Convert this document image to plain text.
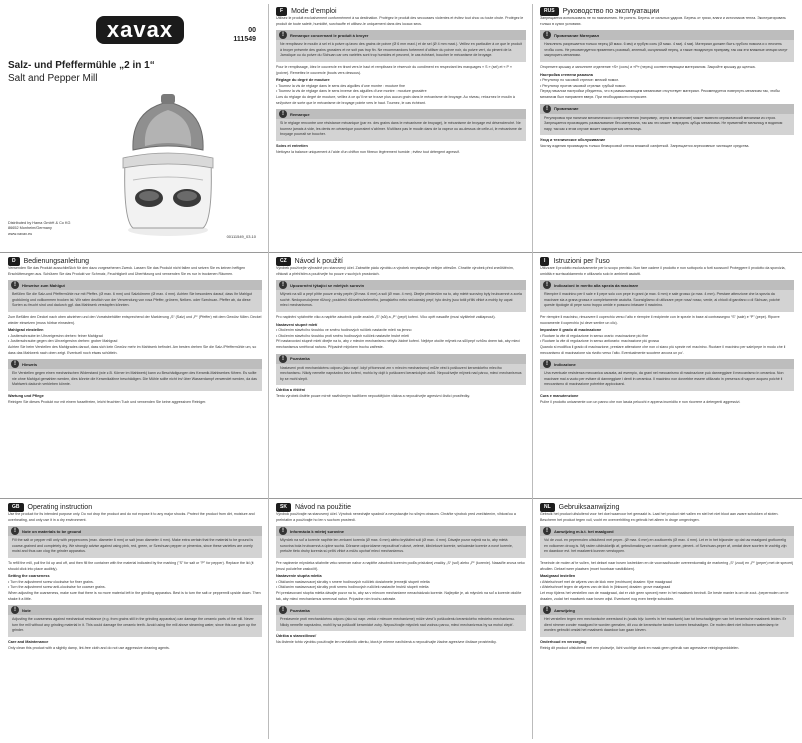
xavax	00
111549
Salz- und Pfeffermühle „2 in 1“
Salt and Pepper Mill
Distributed by Hama GmbH & Co KG
86652 Monheim/Germany
www.xavax.eu
00111549_03.10
F	Mode d’emploi

Utilisez le produit exclusivement conformément à sa destination. Protégez le produit des secousses violentes et évitez tout choc ou toute chute. Protégez le produit de toute saleté, humidité, surchauffe et utilisez-le uniquement dans des locaux secs.

!	Remarque concernant le produit à broyer

Ne remplissez le moulin à sel et à poivre qu’avec des grains de poivre (Ø 6 mm maxi.) et de sel (Ø 4 mm maxi.). Veillez en particulier à ce que le produit à broyer présente des grains grossiers et ne soit pas trop fin. Ne recommandons fortement d’utiliser du poivre noir, du poivre vert, du piment de la Jamaïque ou du poivre du Sichuan car ces variétés sont trop humides et peuvent, le cas échéant, boucher le mécanisme de broyage.

Pour le remplissage, ôtez le couvercle en tirant vers le haut et remplissez le réservoir du condiment en respectant les marquages « S » (sel) et « P » (poivre). Remettez le couvercle (bouts vers dessous).

Réglage du degré de mouture

• Tournez la vis de réglage dans le sens des aiguilles d’une montre : mouture fine
• Tournez la vis de réglage dans le sens inverse des aiguilles d’une montre : mouture grossière
Lors du réglage du degré de mouture, veillez à ce qu’il ne se trouve plus aucun grain dans le mécanisme de broyage. Au niveau, retournez le moulin à sel/poivre de sorte que le mécanisme de broyage pointe vers le haut. Tournez, le cas échéant.

!	Remarque

Si le réglage rencontre une résistance mécanique (par ex. des grains dans le mécanisme de broyage), le mécanisme de broyage est désenclenché. Ne tournez jamais à vide, les dents en céramique pourraient s’abîmer. N’utilisez pas le moulin dans de la vapeur ou au-dessus de celle-ci, le mécanisme de broyage pourrait se boucher.

Soins et entretien

Nettoyez la balance uniquement à l’aide d’un chiffon non fibreux légèrement humide ; évitez tout détergent agressif.

RUS	Руководство по эксплуатации

Запрещается использовать не по назначению. Не ронять. Беречь от сильных ударов. Беречь от грязи, влаги и источников тепла. Эксплуатировать только в сухих условиях.

!	Примечание Материал

Наполнять разрешается только перец (Ø макс. 6 мм) и грубую соль (Ø макс. 4 мм). 4 мм). Материал должен быть грубого помола и с неочень чтобы соль. Не рекомендуется применять розовый, зеленый, сычуанский перец, а также гвоздичную приправу, так как эти влажные специи могут закупорить механизм.

Открепите крышку и заполните отделение «S» (соль) и «Р» (перец) соответствующим материалом. Закройте крышку до щелчка.

Настройка степени размола

• Регулятор по часовой стрелке: мелкий помол.
• Регулятор против часовой стрелки: грубый помол.
Перед началом настройки убедитесь, что в размалывающем механизме отсутствует материал. Рекомендуется повернуть механизм так, чтобы механизм был направлен вверх. При необходимости потрясите.

!	Примечание

Регулировка при наличии механического сопротивления (например, зерна в механизме) может вывести керамический механизм из строя. Запрещается производить размалывание без материала, так как это может повредить зубцы механизма. Не применяйте мельницу в водяном пару, так как к этом случае может закупориться мельница.

Уход и техническое обслуживание

Чистку изделия производить только безворсовой слегка влажной салфеткой. Запрещается агрессивные чистящие средства.

D	Bedienungsanleitung

Verwenden Sie das Produkt ausschließlich für den dazu vorgesehenen Zweck. Lassen Sie das Produkt nicht fallen und setzen Sie es keinen heftigen Erschütterungen aus. Schützen Sie das Produkt vor Schmutz, Feuchtigkeit und Überhitzung und verwenden Sie es nur in trockenen Räumen.

!	Hinweise zum Mahlgut

Befüllen Sie die Salz-und Pfeffermühle nur mit Pfeffer- (Ø max. 6 mm) und Salzkörnern (Ø max. 4 mm). Achten Sie besonders darauf, dass Ihr Mahlgut grobkörnig und vollkommen trocken ist. Wir raten deutlich von der Verwendung von rosa Pfeffer, grünem, Nelken- oder Szechuan- Pfeffer ab, da diese Sorten zu feucht sind und dadurch ggf. das Mahlwerk verstopfen könnten.

Zum Befüllen den Deckel nach oben abziehen und den Vorratsbehälter entsprechend der Markierung „S“ (Salz) und „P“ (Pfeffer) mit dem Gewürz füllen. Deckel wieder einsetzen (muss hörbar einrasten).

Mahlgrad einstellen

• Justierschraube im Uhrzeigersinn drehen: feiner Mahlgrad
• Justierschraube gegen den Uhrzeigersinn drehen: grober Mahlgrad
Achten Sie beim Verstellen des Mahlgrades darauf, dass sich kein Gewürz mehr im Mahlwerk befindet. Am besten drehen Sie die Salz-/Pfeffermühle um, so dass das Mahlwerk nach oben zeigt. Eventuell noch etwas schütteln.

!	Hinweis

Ein Verstellen gegen einen mechanischen Widerstand (wie z.B. Körner im Mahlwerk) kann zu Beschädigungen des Keramik-Mahlwerkes führen. Es sollte nie ohne Mahlgut gemahlen werden, dies könnte die Keramikzähne beschädigen. Die Mühle sollte nicht im/ über Wasserdampf verwendet werden, da das Mahlwerk dadurch verkleben könnte.

Wartung und Pflege

Reinigen Sie dieses Produkt nur mit einem fusselfreien, leicht feuchten Tuch und verwenden Sie keine aggressiven Reiniger.

CZ	Návod k použití

Výrobek používejte výhradně pro stanovený účel. Zabraňte pádu výrobku a výrobek nevystavujte velkým otřesům. Chraňte výrobek před znečištěním, vlhkostí a přehřátím a používejte ho pouze v suchých prostorách.

!	Upozornění týkající se mletých surovin

Mlýnek na sůl a pepř plňte pouze zrnky pepře (Ø max. 6 mm) a soli (Ø max. 4 mm). Dbejte především na to, aby mleté suroviny byly hrubozrnné a zcela suché. Nedoporučujeme růžový, poukleslí růžového/zeleného, jamajského nebo sečuánský pepř, tyto druhy jsou totiž příliš vlhké a mohly by ucpat mlecí mechanismus.

Pro naplnění vytáhněte víko a naplňte zásobník podle značek „S“ (sůl) a „P“ (pepř) koření. Víko opět nasaďte (musí slyšitelně zaklapnout).

Nastavení stupně mletí

• Otočením stavěcího šroubku ve směru hodinových ručiček nastavíte mletí na jemno
• Otočením stavěcího šroubku proti směru hodinových ručiček nastavíte hrubé mletí
Při nastavování stupně mletí dbejte na to, aby v mlecím mechanismu nebylo žádné koření. Nejlépe otočte mlýnek na sůl/pepř vzhůru dnem tak, aby mlecí mechanismus směřoval nahoru. Případně mlýnkem trochu zatřeste.

!	Poznámka

Nastavení proti mechanickému odporu (jako např. kdyř přítomnost zrn v mlecím mechanismu) může vést k poškození keramického mlecího mechanismu. Nikdy nemelte naprázdno bez koření, mohlo by dojít k poškození keramických zubů. Nepoužívejte mlýnek nad párou, mlecí mechanismus by se mohl slepit.

Údržba a čištění

Tento výrobek čistěte pouze mírně navlhčeným hadříkem nepouštějícím vlákna a nepoužívejte agresivní čisticí prostředky.

I	Istruzioni per l’uso

Utilizzare il prodotto esclusivamente per lo scopo previsto. Non fare cadere il prodotto e non sottoporlo a forti scossoni! Proteggere il prodotto da sporcizia, umidità e surriscaldamento e utilizzarlo solo in ambienti asciutti.

!	Indicazioni in merito alla spezia da macinare

Riempire il macinino per il sale e il pepe solo con pepe in grani (ø max. 6 mm) e sale grosso (ø max. 4 mm). Prestare attenzione che la spezia da macinare sia a grana grossa e completamente asciutta. Sconsigliamo di utilizzare pepe rosa/ rosso, verde, ai chiodi di garofano o di Sichuan, poiché queste tipologie di pepe sono troppo umide e possono intasare il macinino.

Per riempire il macinino, rimuovere il coperchio verso l’alto e riempire il recipiente con le spezie in base al contrassegno “S” (sale) e “P” (pepe). Riporre nuovamente il coperchio (si deve sentire un clic).

Impostare il grado di macinazione

• Ruotare la vite di regolazione in senso orario: macinazione più fine
• Ruotare la vite di regolazione in senso antiorario: macinazione più grossa
Quando si modifica il grado di macinazione, prestare attenzione che non ci siano più spezie nel macinino. Ruotare il macinino per sale/pepe in modo che il meccanismo di macinazione sia rivolto verso l’alto. Eventualmente scuotere ancora un po’.

!	Indicazione

Una eventuale resistenza meccanica causata, ad esempio, da grani nel meccanismo di macinazione può danneggiare il meccanismo in ceramica. Non macinare mai a vuoto per evitare di danneggiare i denti in ceramica. Il macinino non dovrebbe essere utilizzato in presenza di vapore acqueo poiché il meccanismo di macinazione potrebbe appiccicarsi.

Cura e manutenzione

Pulire il prodotto unicamente con un panno che non lascia pelucchi e appena inumidito e non ricorrere a detergenti aggressivi.

GB	Operating instruction

Use the product for its intended purpose only. Do not drop the product and do not expose it to any major shocks. Protect the product from dirt, moisture and overheating, and only use it in a dry environment.

!	Note on materials to be ground

Fill the salt or pepper mill only with peppercorns (max. diameter 6 mm) or salt (max diameter 4 mm). Make extra certain that the material to be ground is coarse-grained and completely dry. We strongly advise against using pink, red, green, or Szechuan pepper or pimentos, since these varieties are overly moist and thus can clog the grinder apparatus.

To refill the mill, pull the lid up and off, and then fill the container with the material indicated by the marking ("S" for salt or "P" for pepper). Replace the lid (it should click into place audibly).

Setting the coarseness

• Turn the adjustment screw clockwise for finer grains.
• Turn the adjustment screw anti-clockwise for coarser grains.
When adjusting the coarseness, make sure that there is no more material left in the grinding apparatus. Best is to turn the salt or peppermill upside down. Then shake it a little.

!	Note

Adjusting the coarseness against mechanical resistance (e.g. from grains still in the grinding apparatus) can damage the ceramic parts of the mill. Never turn the mill without any grinding material in it. This could damage the ceramic teeth. Avoid using the mill above steaming water, since this can gum up the grinder.

Care and Maintenance

Only clean this product with a slightly damp, lint-free cloth and do not use aggressive cleaning agents.

SK	Návod na použitie

Výrobok používajte na stanovený účel. Výrobok nenechajte spadnúť a nevystavujte ho silným otrasom. Chráňte výrobok pred znečistením, vlhkosťou a prehriatím a používajte ho len v suchom prostredí.

!	Informácia k mletej surovine

Mlynček na soľ a korenie naplňte len zrnkami korenia (Ø max. 6 mm) alebo kryštálmi soli (Ø max. 4 mm). Dávajte pozor najmä na to, aby mletá surovina bola hrubozrnná a úplne suchá. Dôrazne odporúčame nepoužívať ružové, zelené, klinčekové korenie, sečuánske korenie a nové korenie, pretože tieto druhy korenia sú príliš vlhké a môžu upchať mlecí mechanizmus.

Pre naplnenie mlynčeka stiahnite veko smerom nahor a naplňte zásobník korením podľa príslušnej značky „S“ (soľ) alebo „P“ (korenie). Nasaďte znova veko (musí počuteľne zaskočiť).

Nastavenie stupňa mletia

• Otáčaním nastavovacej skrutky v smere hodinových ručičiek dosiahnete jemnejší stupeň mletia
• Otáčaním nastavovacej skrutky proti smeru hodinových ručičiek nastavíte hrubší stupeň mletia
Pri prestavovaní stupňa mletia dávajte pozor na to, aby sa v mlecom mechanizme nenachádzalo korenie. Najlepšie je, ak mlynček na soľ a korenie otočíte tak, aby mlecí mechanizmus smeroval nahor. Prípadne ním trochu zatraste.

!	Poznámka

Prestavenie proti mechanickému odporu (ako sú napr. zrnká v mlecom mechanizme) môže viesť k poškodeniu keramického mlecieho mechanizmu. Nikdy nemeľte naprázdno, mohli by sa poškodiť keramické zuby. Nepoužívajte mlynček nad vodnou parou, mlecí mechanizmus by sa mohol zlepiť.

Údržba a starostlivosť

Na čistenie tohto výrobku používajte len nevláknitú utierku, ktorá je mierne navlhčená a nepoužívajte žiadne agresívne čistiace prostriedky.

NL	Gebruiksaanwijzing

Gebruik het product uitsluitend voor het doel waarvoor het gemaakt is. Laat het product niet vallen en stel het niet bloot aan zware schokken of stoten. Bescherm het product tegen vuil, vocht en oververhitting en gebruik het alleen in droge omgevingen.

!	Aanwijzing m.b.t. het maalgoed

Vul de zout- en pepermolen uitsluitend met peper- (Ø max. 6 mm) en zoutkorrels (Ø max. 4 mm). Let er in het bijzonder op dat uw maalgoed grofkorrelig en volkomen droog is. Wij raden uitdrukkelijk af, gebruikmaking van roze/rode, groene, piment- of Szechuan-peper af, omdat deze soorten te vochtig zijn en daardoor evt. het maalwerk kunnen verstoppen.

Teneinde de molen af te vullen, het deksel naar boven lostrekken en de voorraadhouder overeenkomstig de markering „S“ (zout) en „P“ (peper) met de specerij afvullen. Deksel weer plaatsen (moet hoorbaar vastklikken).

Maalgraad instellen

• Afstelschroef met de wijzers van de klok mee (rechtsom) draaien: fijne maalgraad
• Afstelschroef tegen de wijzers van de klok in (linksom) draaien: grove maalgraad
Let erop tijdens het verstellen van de maalgraad, dat er zich geen specerij meer in het maalwerk bevindt. De beste manier is om de zout- /pepermolen om te draaien, zodat het maalwerk naar boven wijst. Eventueel nog even beetje schudden.

!	Aanwijzing

Het verstellen tegen een mechanische weerstand in (zoals bijv. korrels in het maalwerk) kan tot beschadigingen van het keramische maalwerk leiden. Er dient nimmer zonder maalgoed te worden gemalen, dit zou de keramische tanden kunnen beschadigen. De molen dient niet in/boven waterdamp te worden gebruikt omdat het maalwerk daardoor kan gaan kleven.

Onderhoud en verzorging

Reinig dit product uitsluitend met een pluisvrije, licht vochtige doek en maak geen gebruik van agressieve reinigingsmiddelen.
